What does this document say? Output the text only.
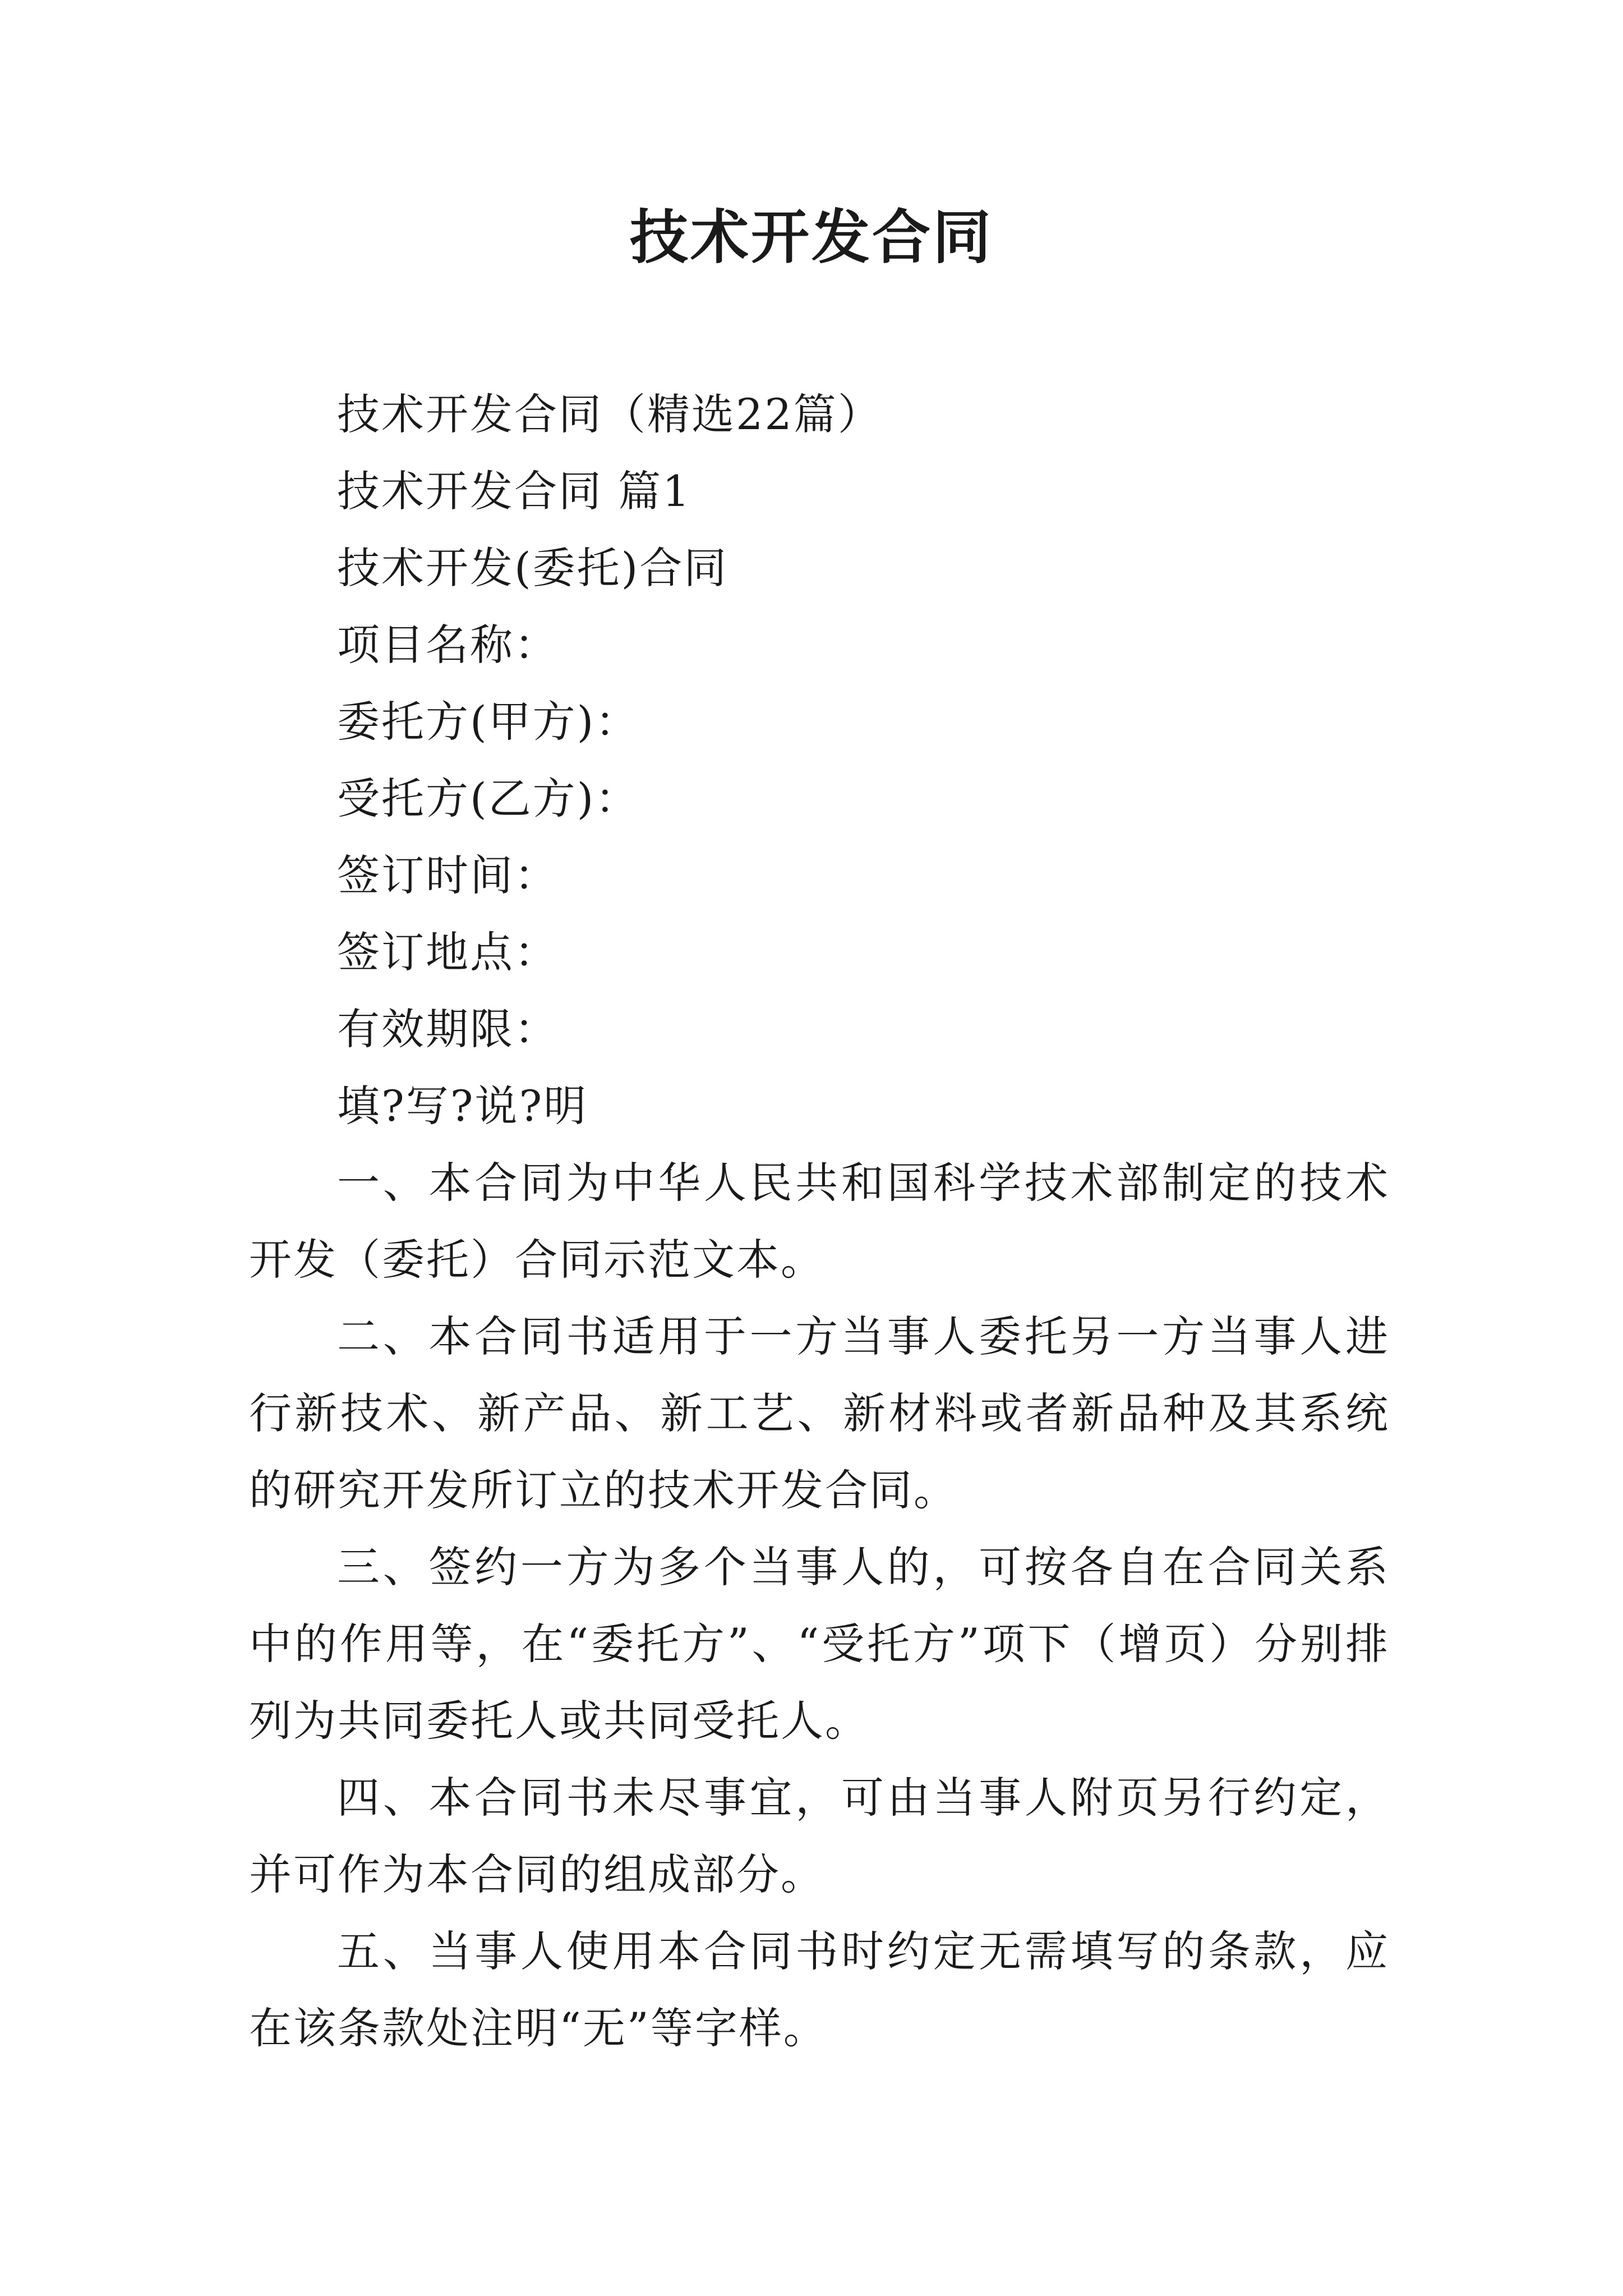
技术开发合同

技术开发合同（精选22篇）

技术开发合同 篇1

技术开发(委托)合同

项目名称：

委托方(甲方)：

受托方(乙方)：

签订时间：

签订地点：

有效期限：

填?写?说?明

一、本合同为中华人民共和国科学技术部制定的技术开发（委托）合同示范文本。

二、本合同书适用于一方当事人委托另一方当事人进行新技术、新产品、新工艺、新材料或者新品种及其系统的研究开发所订立的技术开发合同。

三、签约一方为多个当事人的，可按各自在合同关系中的作用等，在“委托方”、“受托方”项下（增页）分别排列为共同委托人或共同受托人。

四、本合同书未尽事宜，可由当事人附页另行约定，并可作为本合同的组成部分。

五、当事人使用本合同书时约定无需填写的条款，应在该条款处注明“无”等字样。
